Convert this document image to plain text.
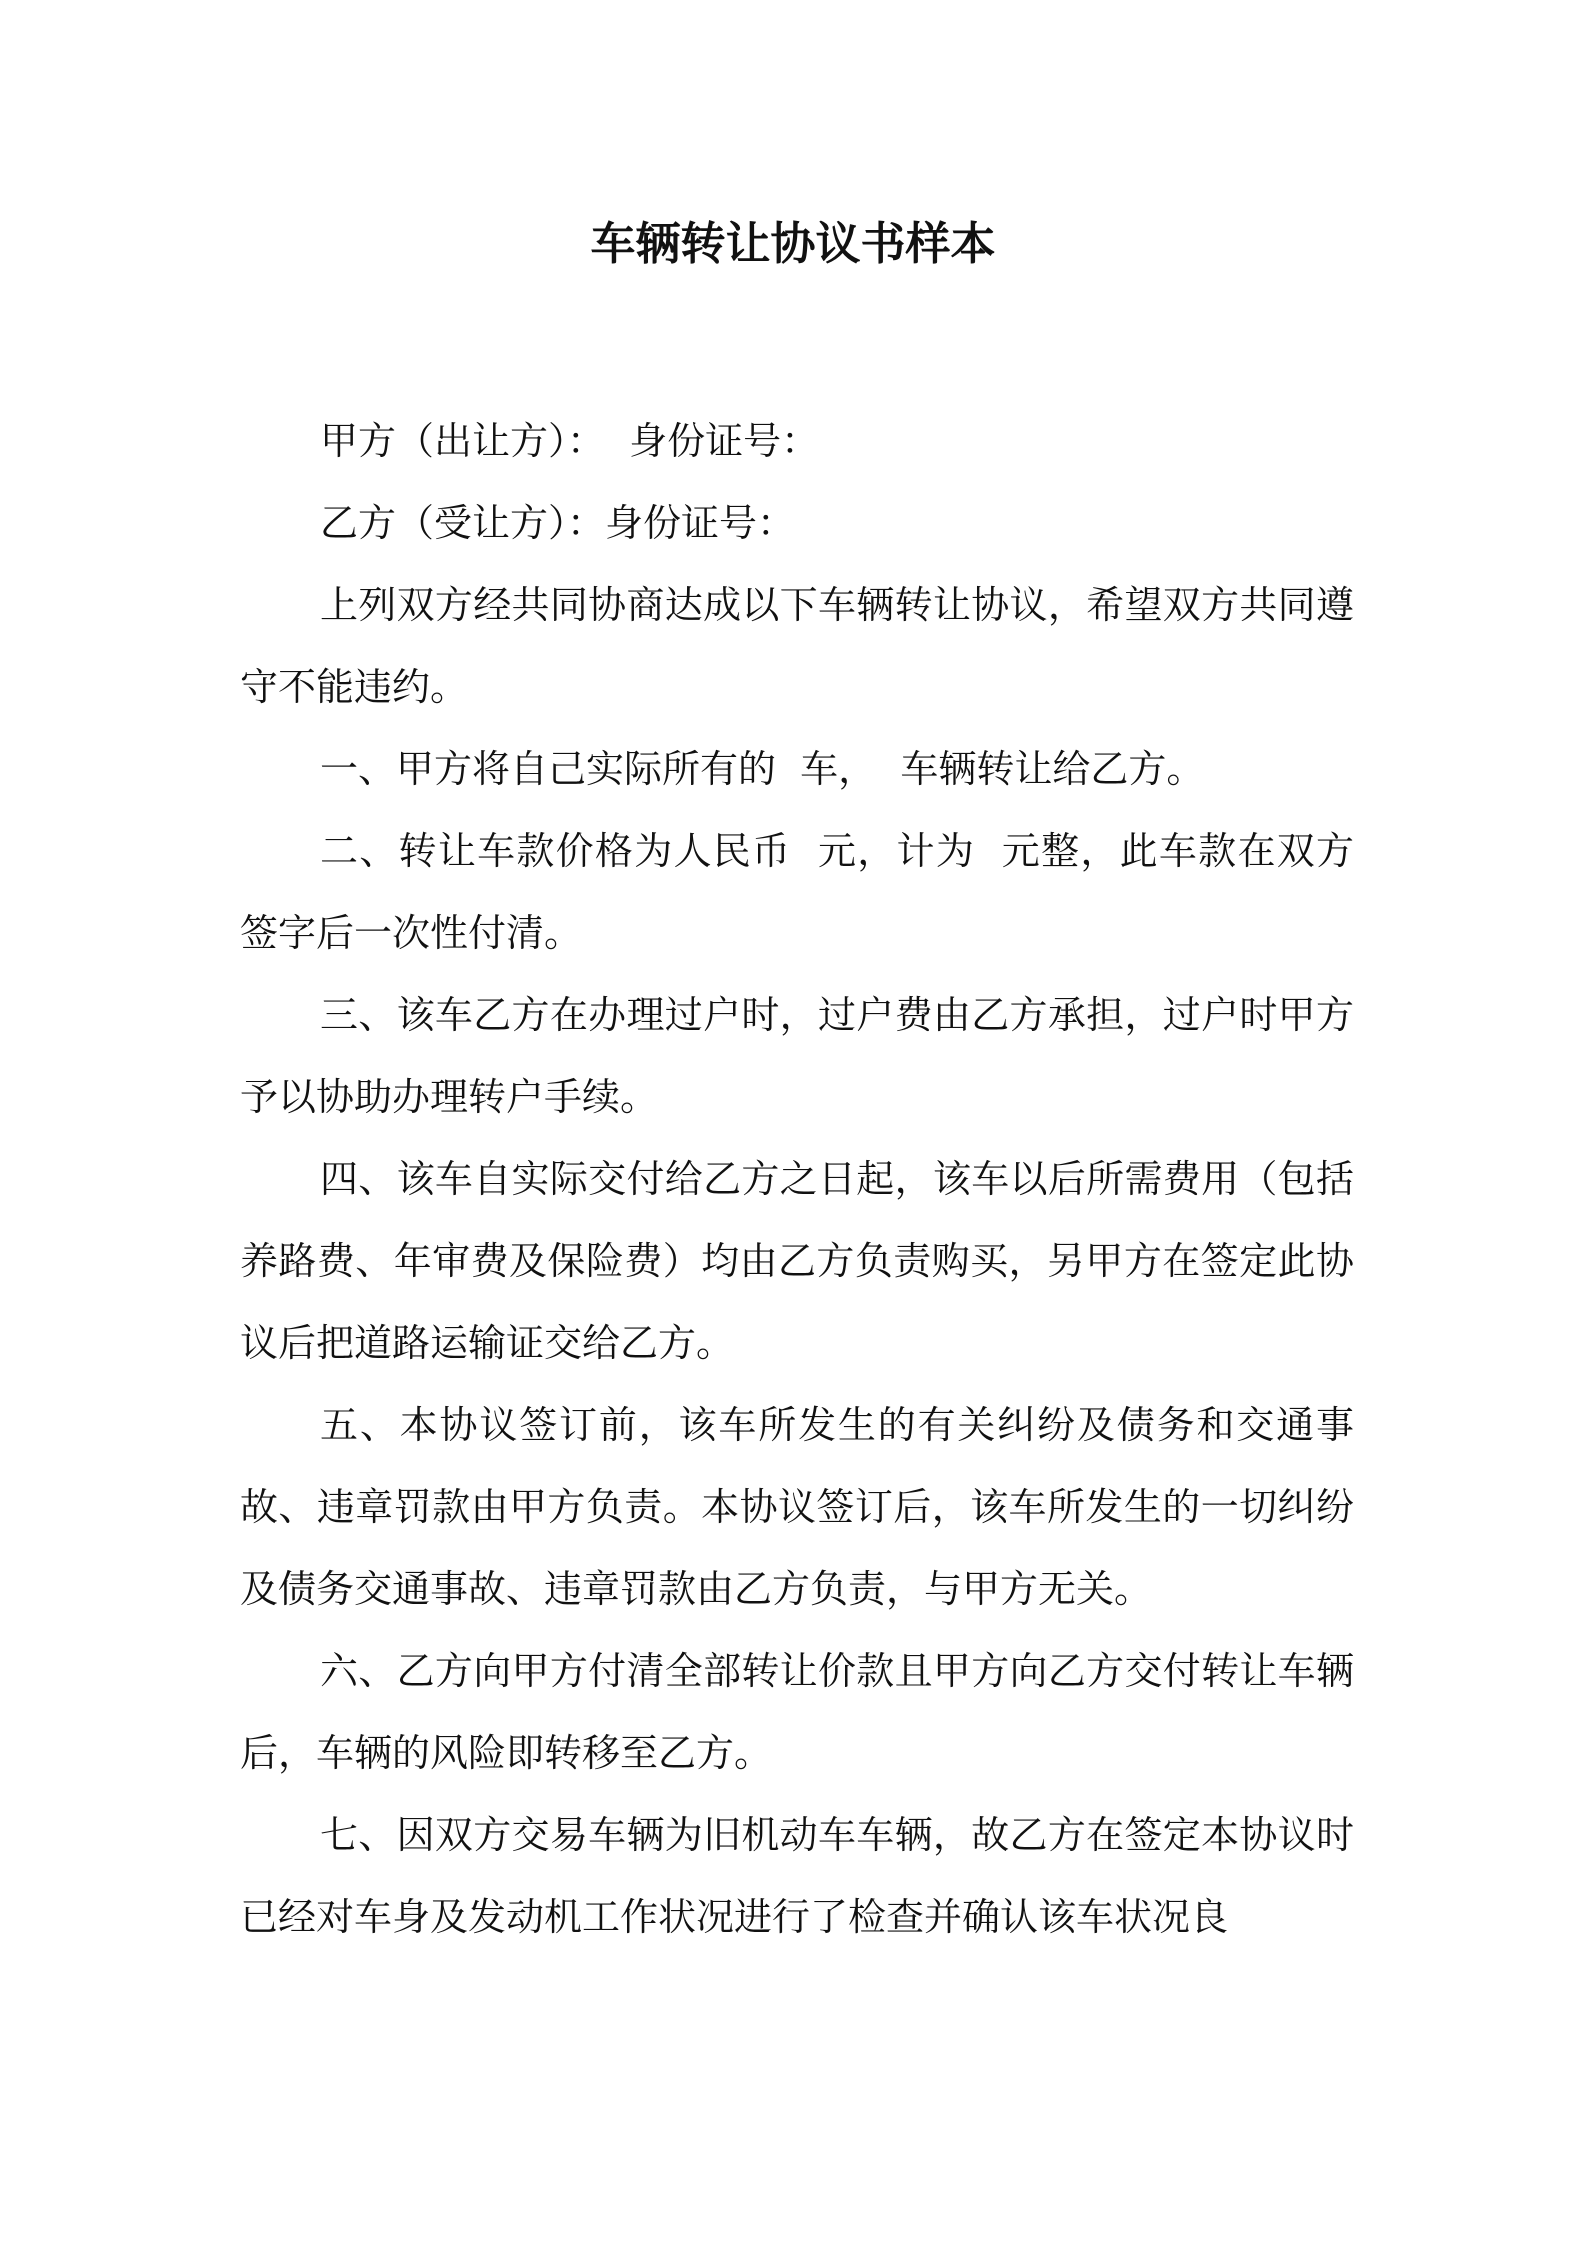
车辆转让协议书样本

甲方（出让方）：  身份证号：

乙方（受让方）：身份证号：

上列双方经共同协商达成以下车辆转让协议，希望双方共同遵守不能违约。

一、甲方将自己实际所有的  车，  车辆转让给乙方。

二、转让车款价格为人民币  元，计为  元整，此车款在双方签字后一次性付清。

三、该车乙方在办理过户时，过户费由乙方承担，过户时甲方予以协助办理转户手续。

四、该车自实际交付给乙方之日起，该车以后所需费用（包括养路费、年审费及保险费）均由乙方负责购买，另甲方在签定此协议后把道路运输证交给乙方。

五、本协议签订前，该车所发生的有关纠纷及债务和交通事故、违章罚款由甲方负责。本协议签订后，该车所发生的一切纠纷及债务交通事故、违章罚款由乙方负责，与甲方无关。

六、乙方向甲方付清全部转让价款且甲方向乙方交付转让车辆后，车辆的风险即转移至乙方。

七、因双方交易车辆为旧机动车车辆，故乙方在签定本协议时已经对车身及发动机工作状况进行了检查并确认该车状况良
